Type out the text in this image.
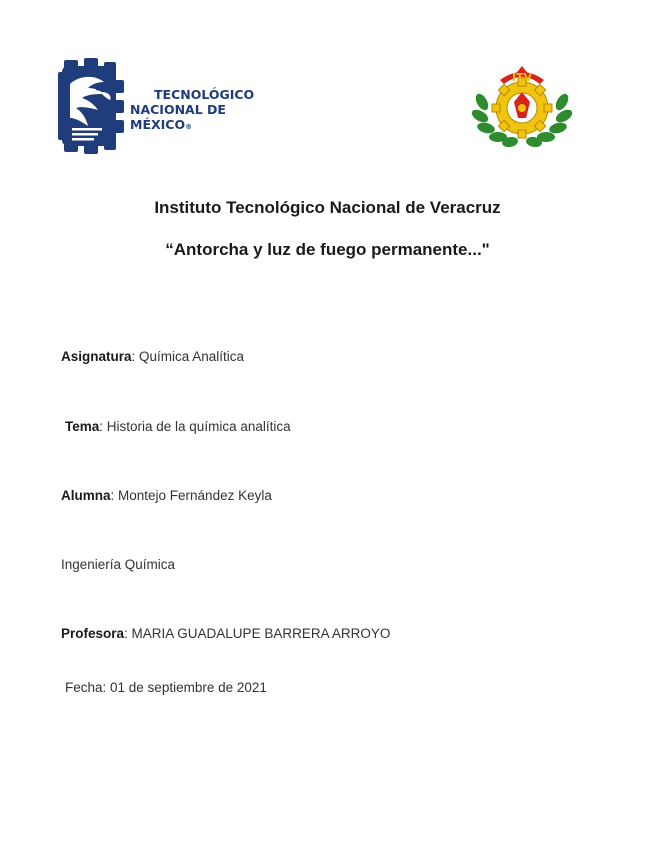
TECNOLÓGICO
NACIONAL DE MÉXICO®
ITV
Instituto Tecnológico Nacional de Veracruz
“Antorcha y luz de fuego permanente..."
Asignatura: Química Analítica
Tema: Historia de la química analítica
Alumna: Montejo Fernández Keyla
Ingeniería Química
Profesora: MARIA GUADALUPE BARRERA ARROYO
Fecha: 01 de septiembre de 2021
